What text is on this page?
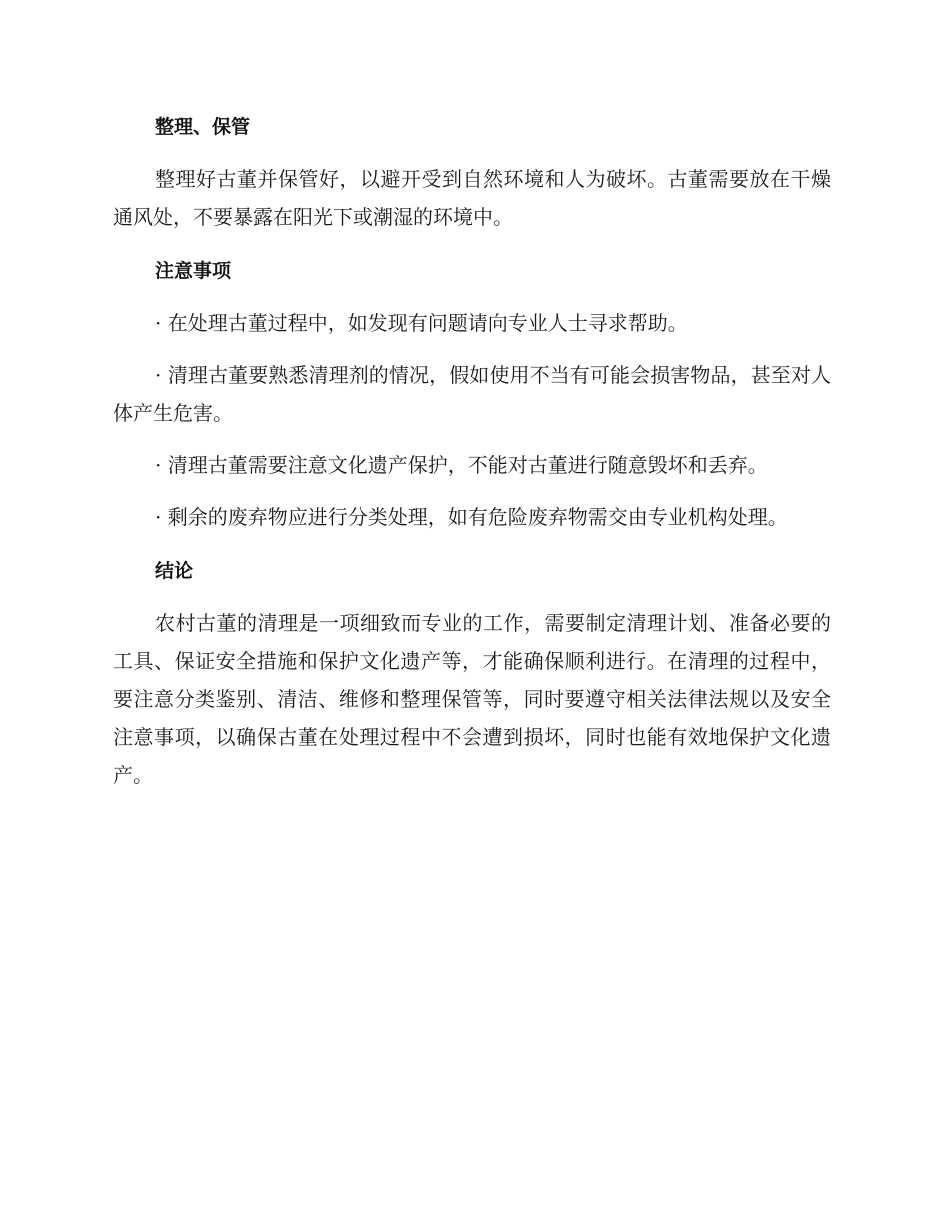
整理、保管

整理好古董并保管好，以避开受到自然环境和人为破坏。古董需要放在干燥通风处，不要暴露在阳光下或潮湿的环境中。

注意事项

· 在处理古董过程中，如发现有问题请向专业人士寻求帮助。

· 清理古董要熟悉清理剂的情况，假如使用不当有可能会损害物品，甚至对人体产生危害。

· 清理古董需要注意文化遗产保护，不能对古董进行随意毁坏和丢弃。

· 剩余的废弃物应进行分类处理，如有危险废弃物需交由专业机构处理。

结论

农村古董的清理是一项细致而专业的工作，需要制定清理计划、准备必要的工具、保证安全措施和保护文化遗产等，才能确保顺利进行。在清理的过程中，要注意分类鉴别、清洁、维修和整理保管等，同时要遵守相关法律法规以及安全注意事项，以确保古董在处理过程中不会遭到损坏，同时也能有效地保护文化遗产。
